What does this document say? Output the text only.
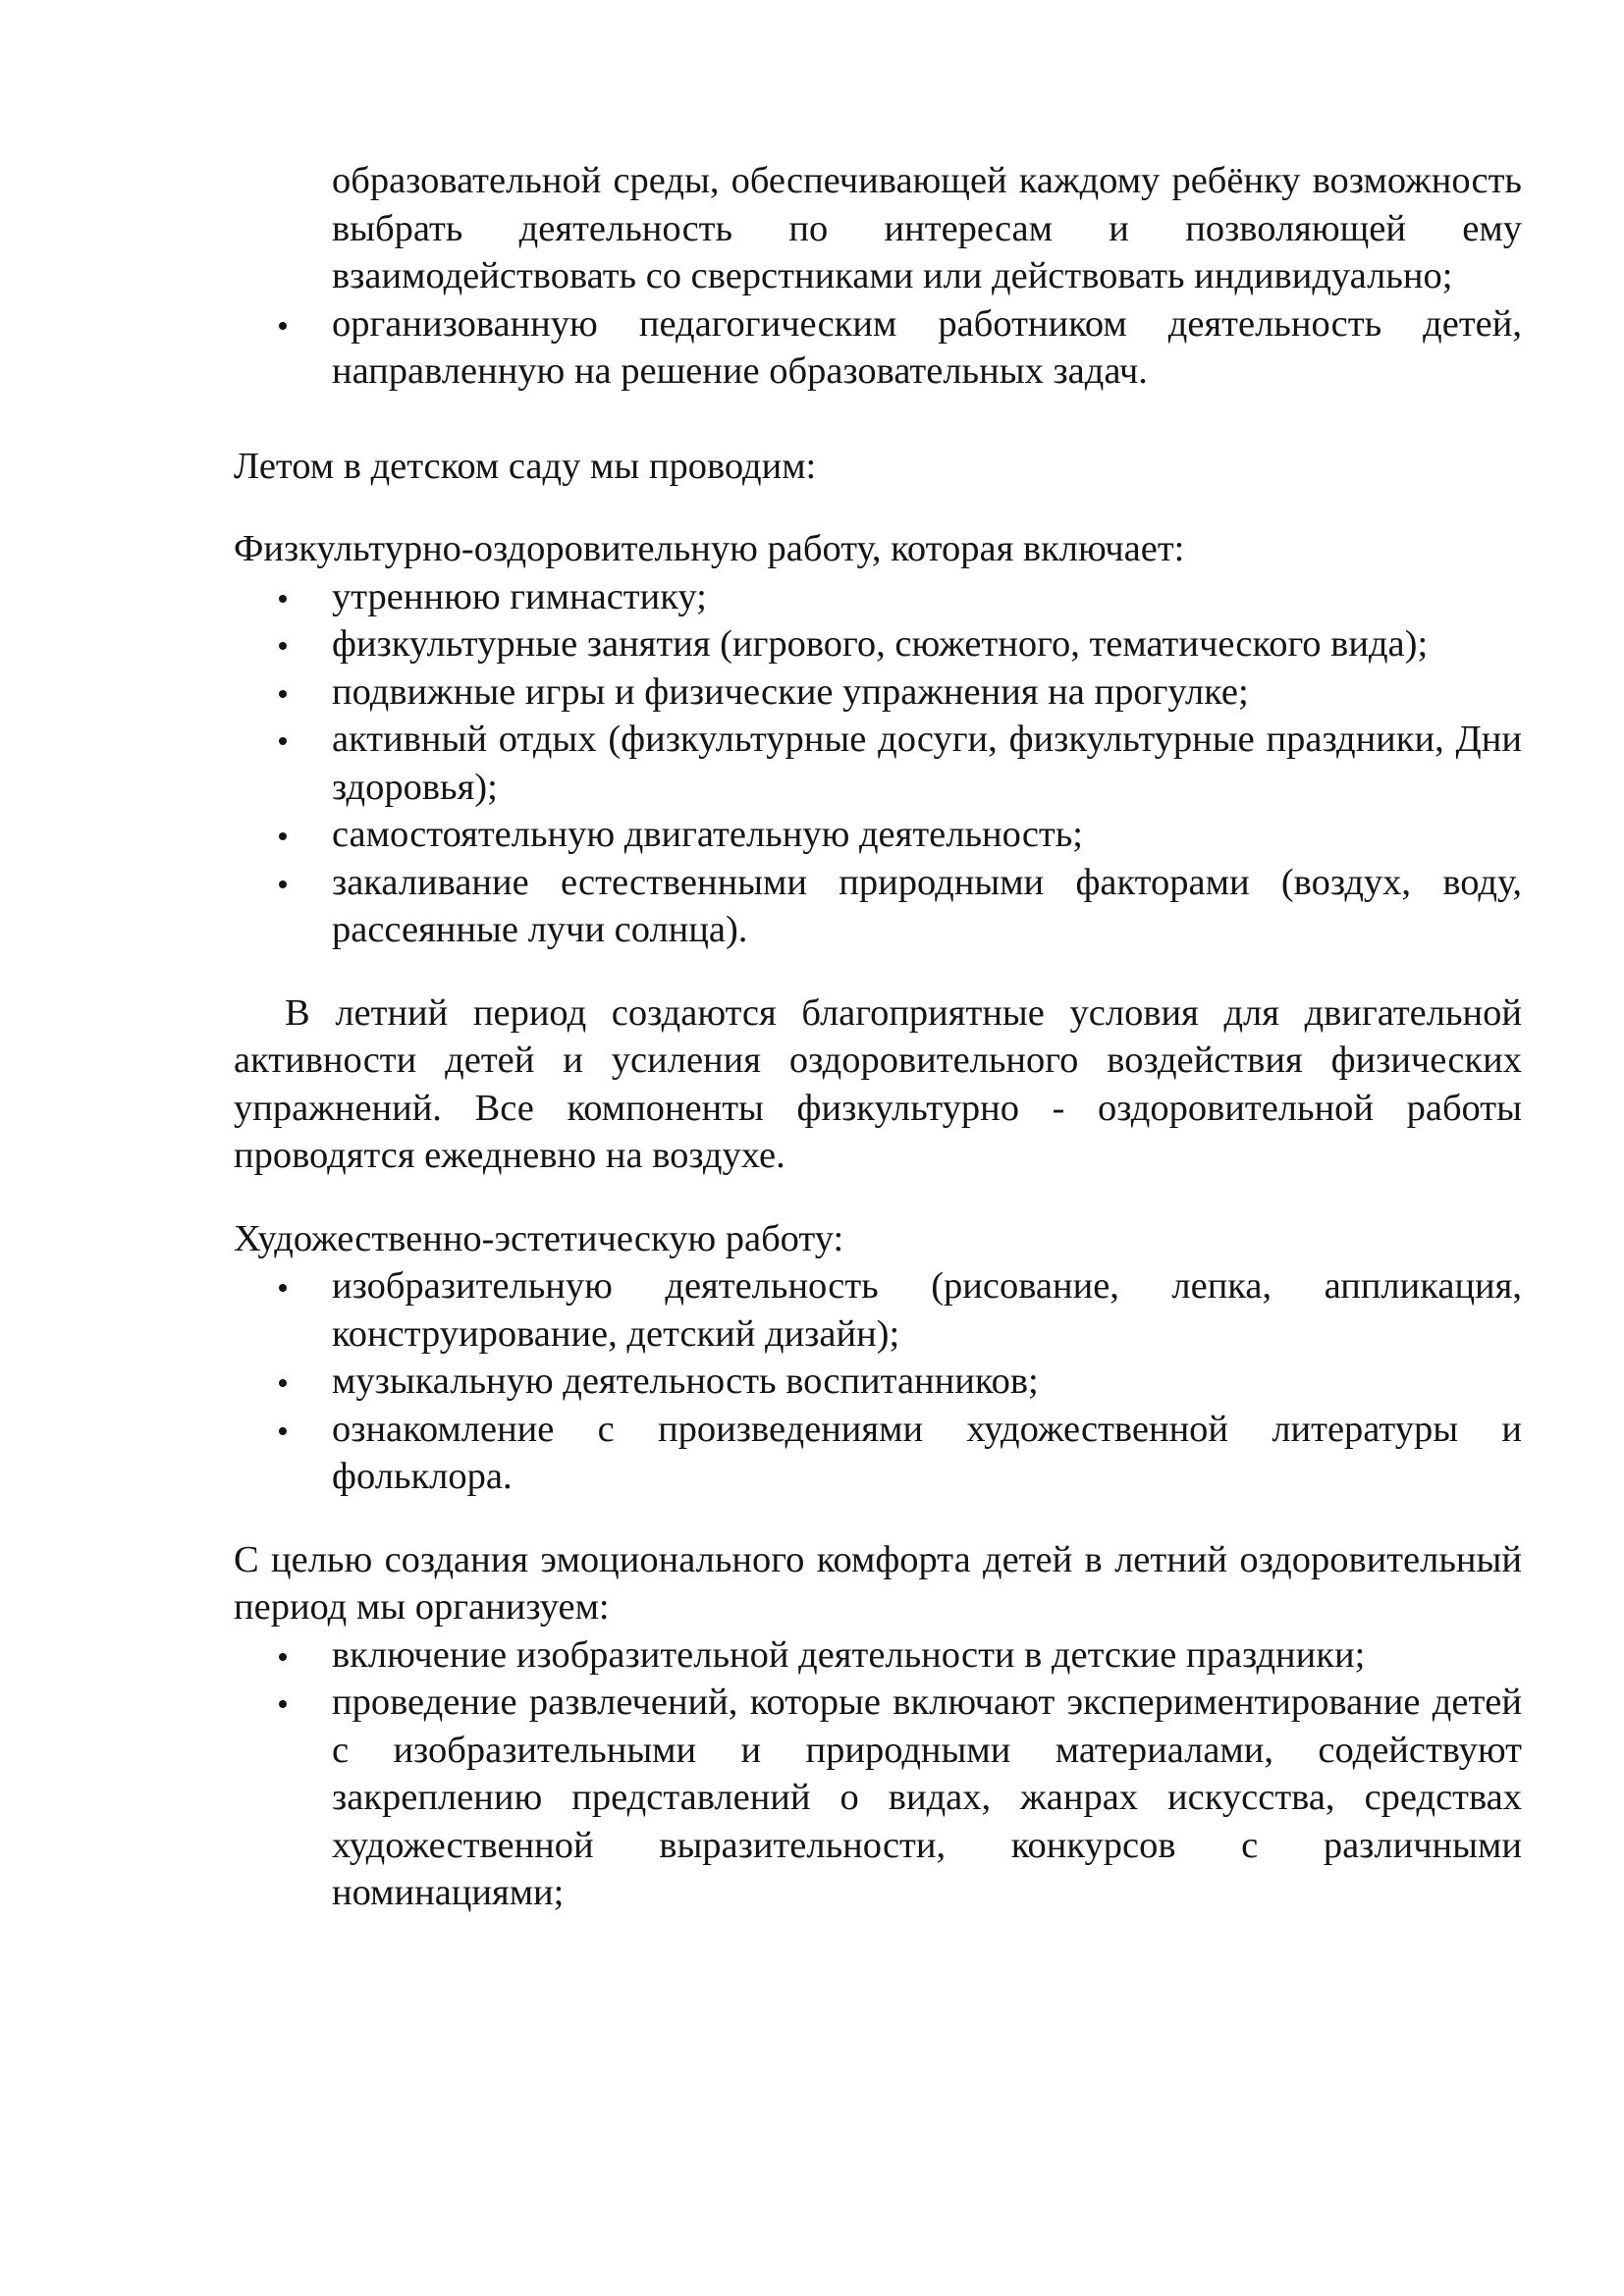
образовательной среды, обеспечивающей каждому ребёнку возможность выбрать деятельность по интересам и позволяющей ему взаимодействовать со сверстниками или действовать индивидуально;

организованную педагогическим работником деятельность детей, направленную на решение образовательных задач.

Летом в детском саду мы проводим:

Физкультурно-оздоровительную работу, которая включает:

утреннюю гимнастику;
физкультурные занятия (игрового, сюжетного, тематического вида);
подвижные игры и физические упражнения на прогулке;
активный отдых (физкультурные досуги, физкультурные праздники, Дни здоровья);
самостоятельную двигательную деятельность;
закаливание естественными природными факторами (воздух, воду, рассеянные лучи солнца).

В летний период создаются благоприятные условия для двигательной активности детей и усиления оздоровительного воздействия физических упражнений. Все компоненты физкультурно - оздоровительной работы проводятся ежедневно на воздухе.

Художественно-эстетическую работу:

изобразительную деятельность (рисование, лепка, аппликация, конструирование, детский дизайн);
музыкальную деятельность воспитанников;
ознакомление с произведениями художественной литературы и фольклора.

С целью создания эмоционального комфорта детей в летний оздоровительный период мы организуем:

включение изобразительной деятельности в детские праздники;
проведение развлечений, которые включают экспериментирование детей с изобразительными и природными материалами, содействуют закреплению представлений о видах, жанрах искусства, средствах художественной выразительности, конкурсов с различными номинациями;
